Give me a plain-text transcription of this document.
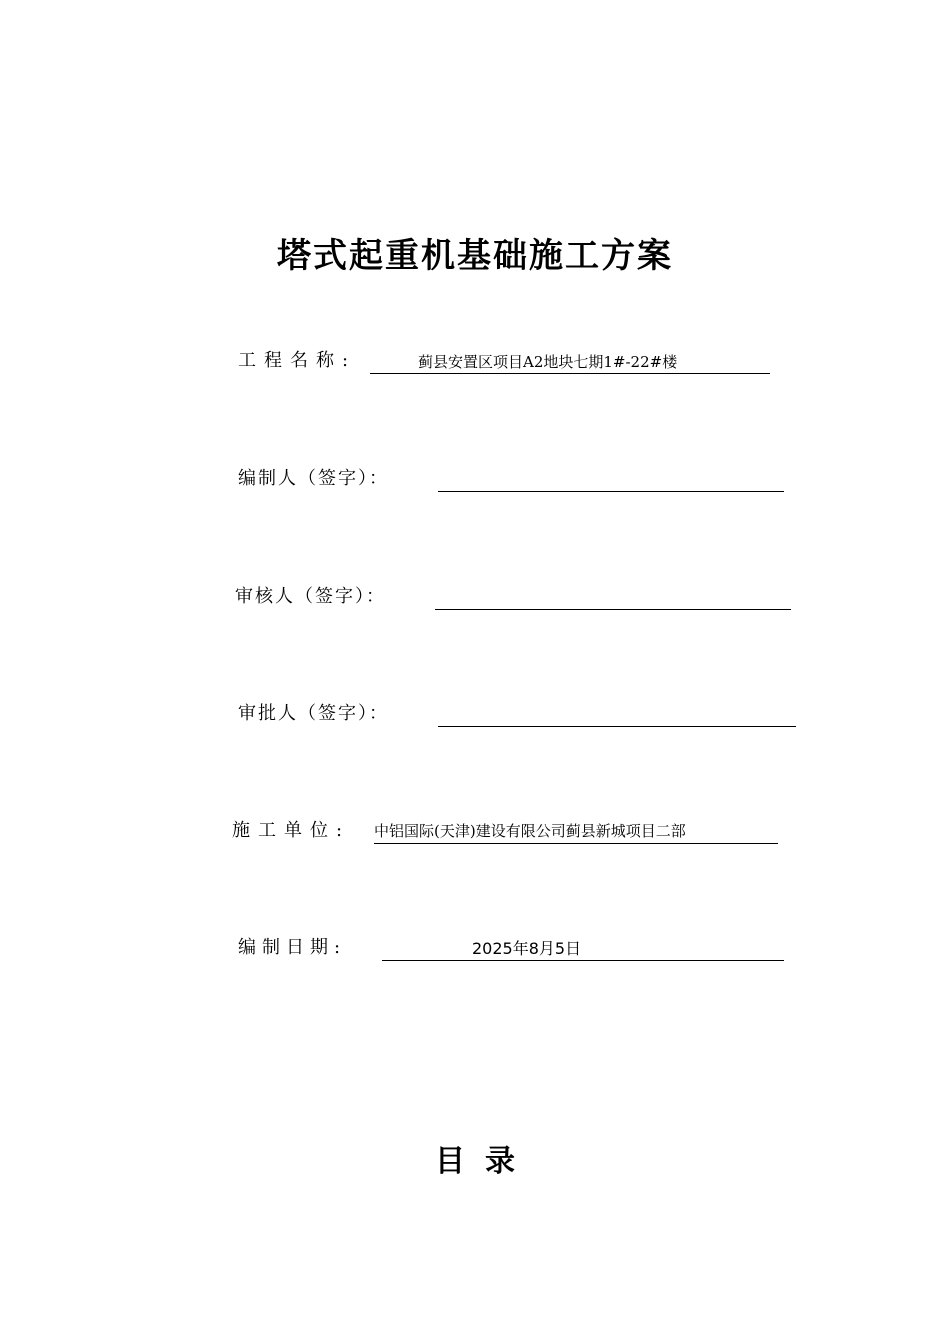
塔式起重机基础施工方案
工程名称:	蓟县安置区项目A2地块七期1#-22#楼
编制人（签字）：
审核人（签字）：
审批人（签字）：
施工单位:	中铝国际(天津)建设有限公司蓟县新城项目二部
编制日期:	2025年8月5日
目录
